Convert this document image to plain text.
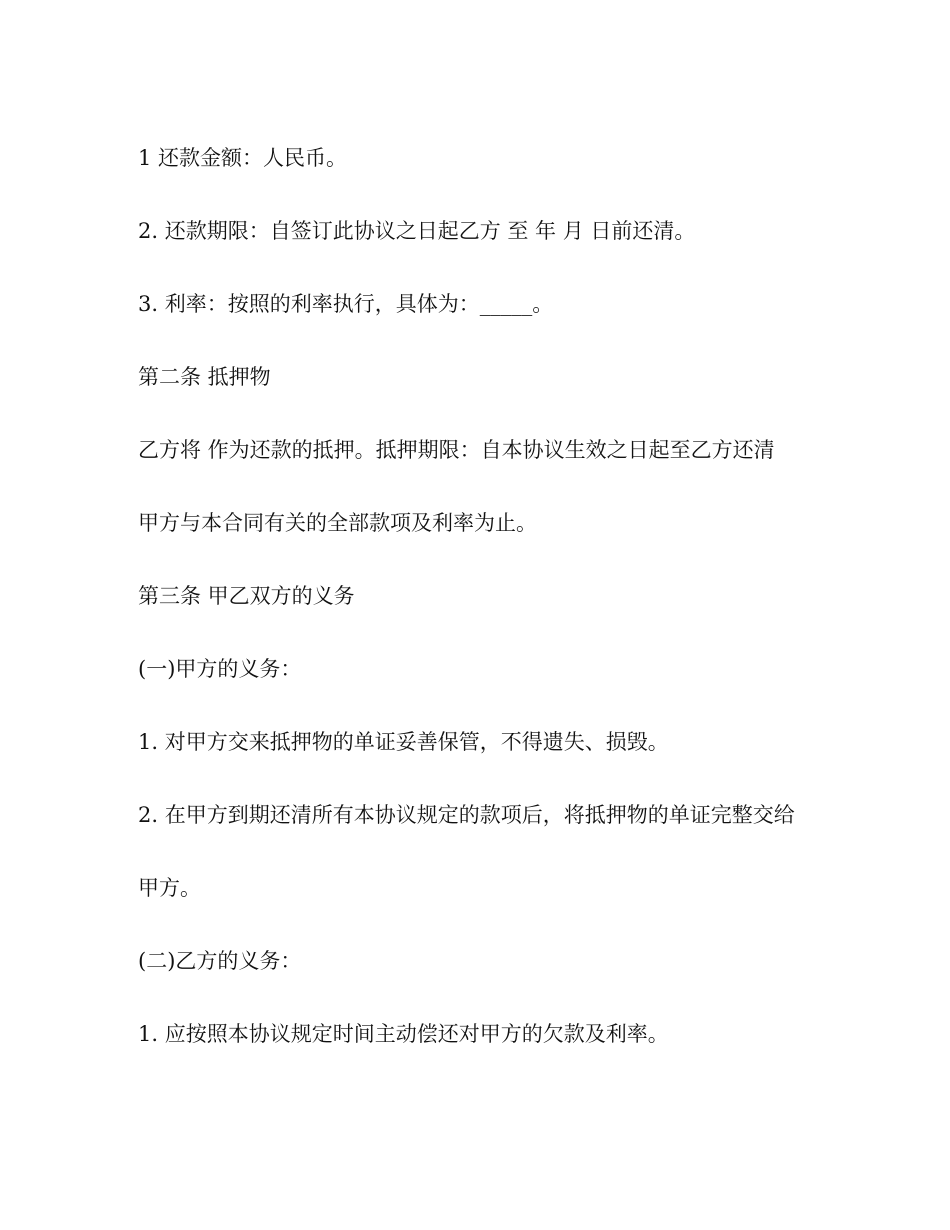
1 还款金额：人民币。

2. 还款期限：自签订此协议之日起乙方 至 年 月 日前还清。

3. 利率：按照的利率执行，具体为：_____。

第二条 抵押物

乙方将 作为还款的抵押。抵押期限：自本协议生效之日起至乙方还清

甲方与本合同有关的全部款项及利率为止。

第三条 甲乙双方的义务

(一)甲方的义务：

1. 对甲方交来抵押物的单证妥善保管，不得遗失、损毁。

2. 在甲方到期还清所有本协议规定的款项后，将抵押物的单证完整交给

甲方。

(二)乙方的义务：

1. 应按照本协议规定时间主动偿还对甲方的欠款及利率。
